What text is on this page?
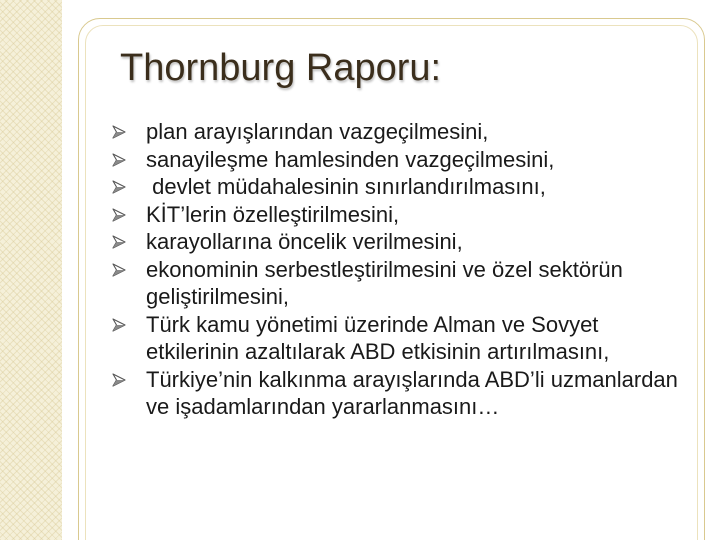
Thornburg Raporu:
plan arayışlarından vazgeçilmesini,
sanayileşme hamlesinden vazgeçilmesini,
devlet müdahalesinin sınırlandırılmasını,
KİT’lerin özelleştirilmesini,
karayollarına öncelik verilmesini,
ekonominin serbestleştirilmesini ve özel sektörün geliştirilmesini,
Türk kamu yönetimi üzerinde Alman ve Sovyet etkilerinin azaltılarak ABD etkisinin artırılmasını,
Türkiye’nin kalkınma arayışlarında ABD’li uzmanlardan ve işadamlarından yararlanmasını…
